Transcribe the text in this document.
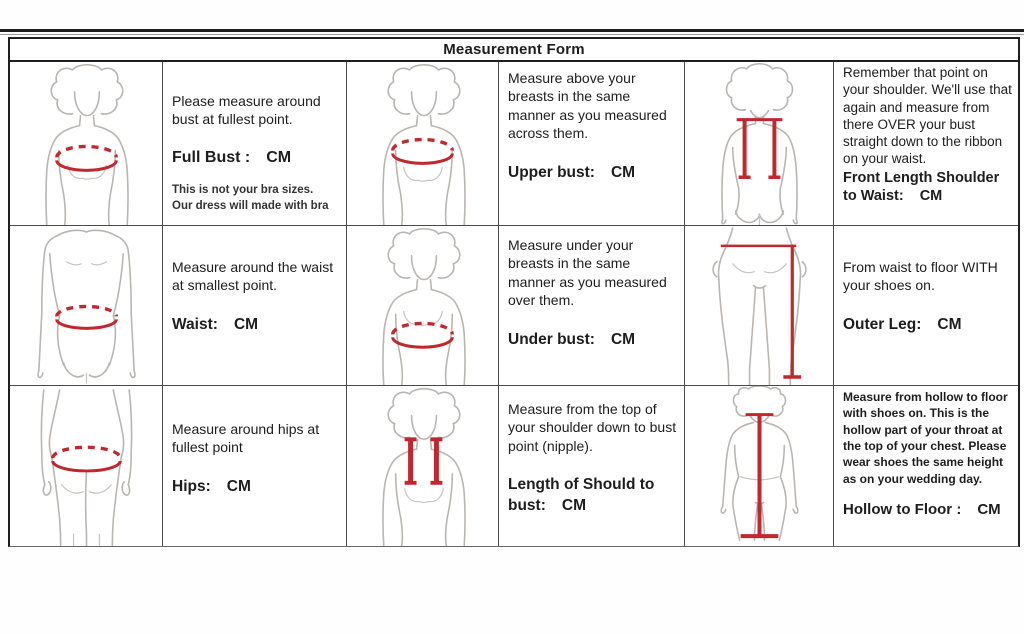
Measurement Form

Please measure around bust at fullest point.

Full Bust : CM
This is not your bra sizes.
Our dress will made with bra

Measure above your breasts in the same manner as you measured across them.

Upper bust: CM

Remember that point on your shoulder. We'll use that again and measure from there OVER your bust straight down to the ribbon on your waist.

Front Length Shoulder to Waist: CM

Measure around the waist at smallest point.

Waist: CM

Measure under your breasts in the same manner as you measured over them.

Under bust: CM

From waist to floor WITH your shoes on.

Outer Leg: CM

Measure around hips at fullest point

Hips: CM

Measure from the top of your shoulder down to bust point (nipple).

Length of Should to bust: CM

Measure from hollow to floor with shoes on. This is the hollow part of your throat at the top of your chest. Please wear shoes the same height as on your wedding day.

Hollow to Floor : CM
